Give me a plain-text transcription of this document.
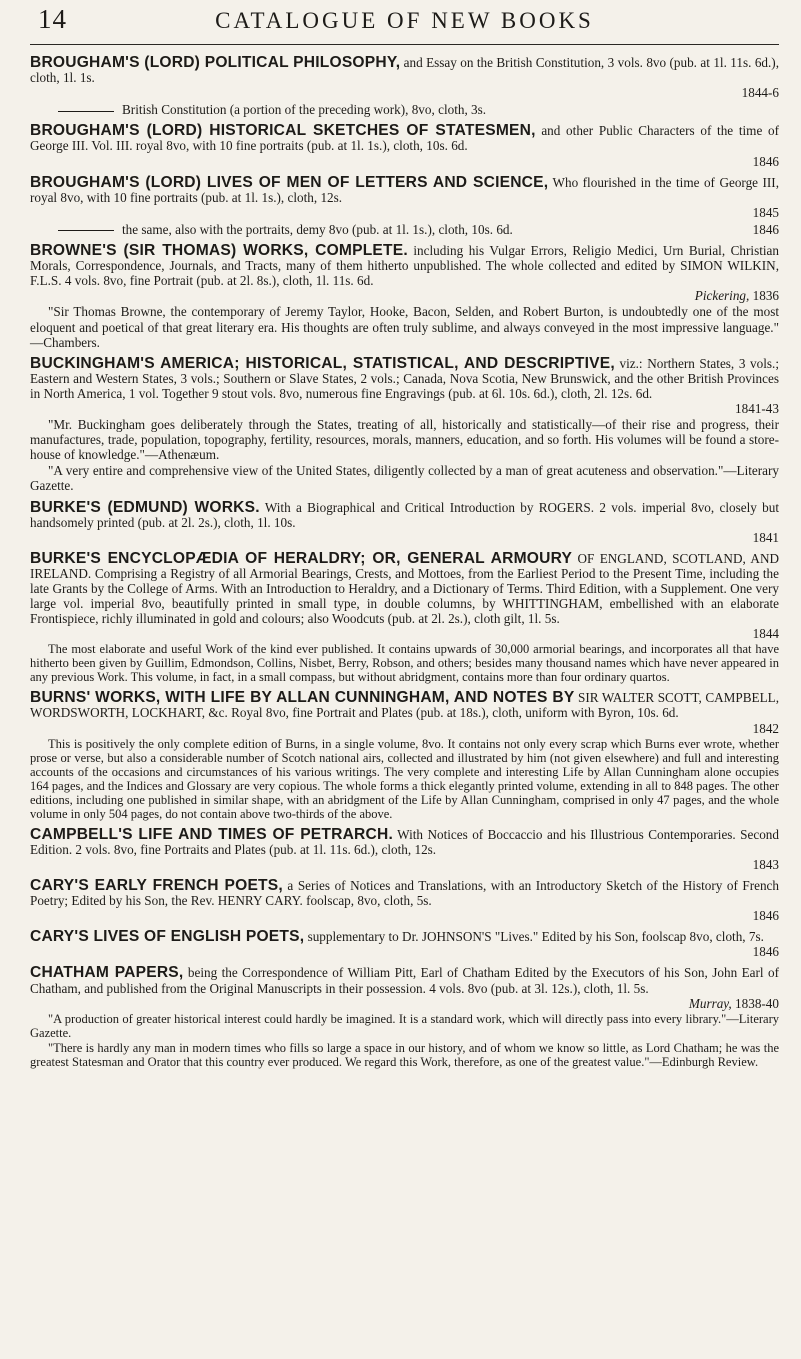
14	CATALOGUE OF NEW BOOKS
BROUGHAM'S (LORD) POLITICAL PHILOSOPHY, and Essay on the British Constitution, 3 vols. 8vo (pub. at 1l. 11s. 6d.), cloth, 1l. 1s.
1844-6
British Constitution (a portion of the preceding work), 8vo, cloth, 3s.
BROUGHAM'S (LORD) HISTORICAL SKETCHES OF STATESMEN, and other Public Characters of the time of George III. Vol. III. royal 8vo, with 10 fine portraits (pub. at 1l. 1s.), cloth, 10s. 6d.
1846
BROUGHAM'S (LORD) LIVES OF MEN OF LETTERS AND SCIENCE, Who flourished in the time of George III, royal 8vo, with 10 fine portraits (pub. at 1l. 1s.), cloth, 12s.
1845
the same, also with the portraits, demy 8vo (pub. at 1l. 1s.), cloth, 10s. 6d.	1846
BROWNE'S (SIR THOMAS) WORKS, COMPLETE. including his Vulgar Errors, Religio Medici, Urn Burial, Christian Morals, Correspondence, Journals, and Tracts, many of them hitherto unpublished. The whole collected and edited by SIMON WILKIN, F.L.S. 4 vols. 8vo, fine Portrait (pub. at 2l. 8s.), cloth, 1l. 11s. 6d.
Pickering, 1836
"Sir Thomas Browne, the contemporary of Jeremy Taylor, Hooke, Bacon, Selden, and Robert Burton, is undoubtedly one of the most eloquent and poetical of that great literary era. His thoughts are often truly sublime, and always conveyed in the most impressive language." —Chambers.
BUCKINGHAM'S AMERICA; HISTORICAL, STATISTICAL, AND DESCRIPTIVE, viz.: Northern States, 3 vols.; Eastern and Western States, 3 vols.; Southern or Slave States, 2 vols.; Canada, Nova Scotia, New Brunswick, and the other British Provinces in North America, 1 vol. Together 9 stout vols. 8vo, numerous fine Engravings (pub. at 6l. 10s. 6d.), cloth, 2l. 12s. 6d.
1841-43
"Mr. Buckingham goes deliberately through the States, treating of all, historically and statistically—of their rise and progress, their manufactures, trade, population, topography, fertility, resources, morals, manners, education, and so forth. His volumes will be found a store-house of knowledge."—Athenæum.
"A very entire and comprehensive view of the United States, diligently collected by a man of great acuteness and observation."—Literary Gazette.
BURKE'S (EDMUND) WORKS. With a Biographical and Critical Introduction by ROGERS. 2 vols. imperial 8vo, closely but handsomely printed (pub. at 2l. 2s.), cloth, 1l. 10s.
1841
BURKE'S ENCYCLOPÆDIA OF HERALDRY; OR, GENERAL ARMOURY OF ENGLAND, SCOTLAND, AND IRELAND. Comprising a Registry of all Armorial Bearings, Crests, and Mottoes, from the Earliest Period to the Present Time, including the late Grants by the College of Arms. With an Introduction to Heraldry, and a Dictionary of Terms. Third Edition, with a Supplement. One very large vol. imperial 8vo, beautifully printed in small type, in double columns, by WHITTINGHAM, embellished with an elaborate Frontispiece, richly illuminated in gold and colours; also Woodcuts (pub. at 2l. 2s.), cloth gilt, 1l. 5s.
1844
The most elaborate and useful Work of the kind ever published. It contains upwards of 30,000 armorial bearings, and incorporates all that have hitherto been given by Guillim, Edmondson, Collins, Nisbet, Berry, Robson, and others; besides many thousand names which have never appeared in any previous Work. This volume, in fact, in a small compass, but without abridgment, contains more than four ordinary quartos.
BURNS' WORKS, WITH LIFE BY ALLAN CUNNINGHAM, AND NOTES BY SIR WALTER SCOTT, CAMPBELL, WORDSWORTH, LOCKHART, &c. Royal 8vo, fine Portrait and Plates (pub. at 18s.), cloth, uniform with Byron, 10s. 6d.
1842
This is positively the only complete edition of Burns, in a single volume, 8vo. It contains not only every scrap which Burns ever wrote, whether prose or verse, but also a considerable number of Scotch national airs, collected and illustrated by him (not given elsewhere) and full and interesting accounts of the occasions and circumstances of his various writings. The very complete and interesting Life by Allan Cunningham alone occupies 164 pages, and the Indices and Glossary are very copious. The whole forms a thick elegantly printed volume, extending in all to 848 pages. The other editions, including one published in similar shape, with an abridgment of the Life by Allan Cunningham, comprised in only 47 pages, and the whole volume in only 504 pages, do not contain above two-thirds of the above.
CAMPBELL'S LIFE AND TIMES OF PETRARCH. With Notices of Boccaccio and his Illustrious Contemporaries. Second Edition. 2 vols. 8vo, fine Portraits and Plates (pub. at 1l. 11s. 6d.), cloth, 12s.
1843
CARY'S EARLY FRENCH POETS, a Series of Notices and Translations, with an Introductory Sketch of the History of French Poetry; Edited by his Son, the Rev. HENRY CARY. foolscap, 8vo, cloth, 5s.
1846
CARY'S LIVES OF ENGLISH POETS, supplementary to Dr. JOHNSON'S "Lives." Edited by his Son, foolscap 8vo, cloth, 7s.
1846
CHATHAM PAPERS, being the Correspondence of William Pitt, Earl of Chatham Edited by the Executors of his Son, John Earl of Chatham, and published from the Original Manuscripts in their possession. 4 vols. 8vo (pub. at 3l. 12s.), cloth, 1l. 5s.
Murray, 1838-40
"A production of greater historical interest could hardly be imagined. It is a standard work, which will directly pass into every library."—Literary Gazette.
"There is hardly any man in modern times who fills so large a space in our history, and of whom we know so little, as Lord Chatham; he was the greatest Statesman and Orator that this country ever produced. We regard this Work, therefore, as one of the greatest value."—Edinburgh Review.
